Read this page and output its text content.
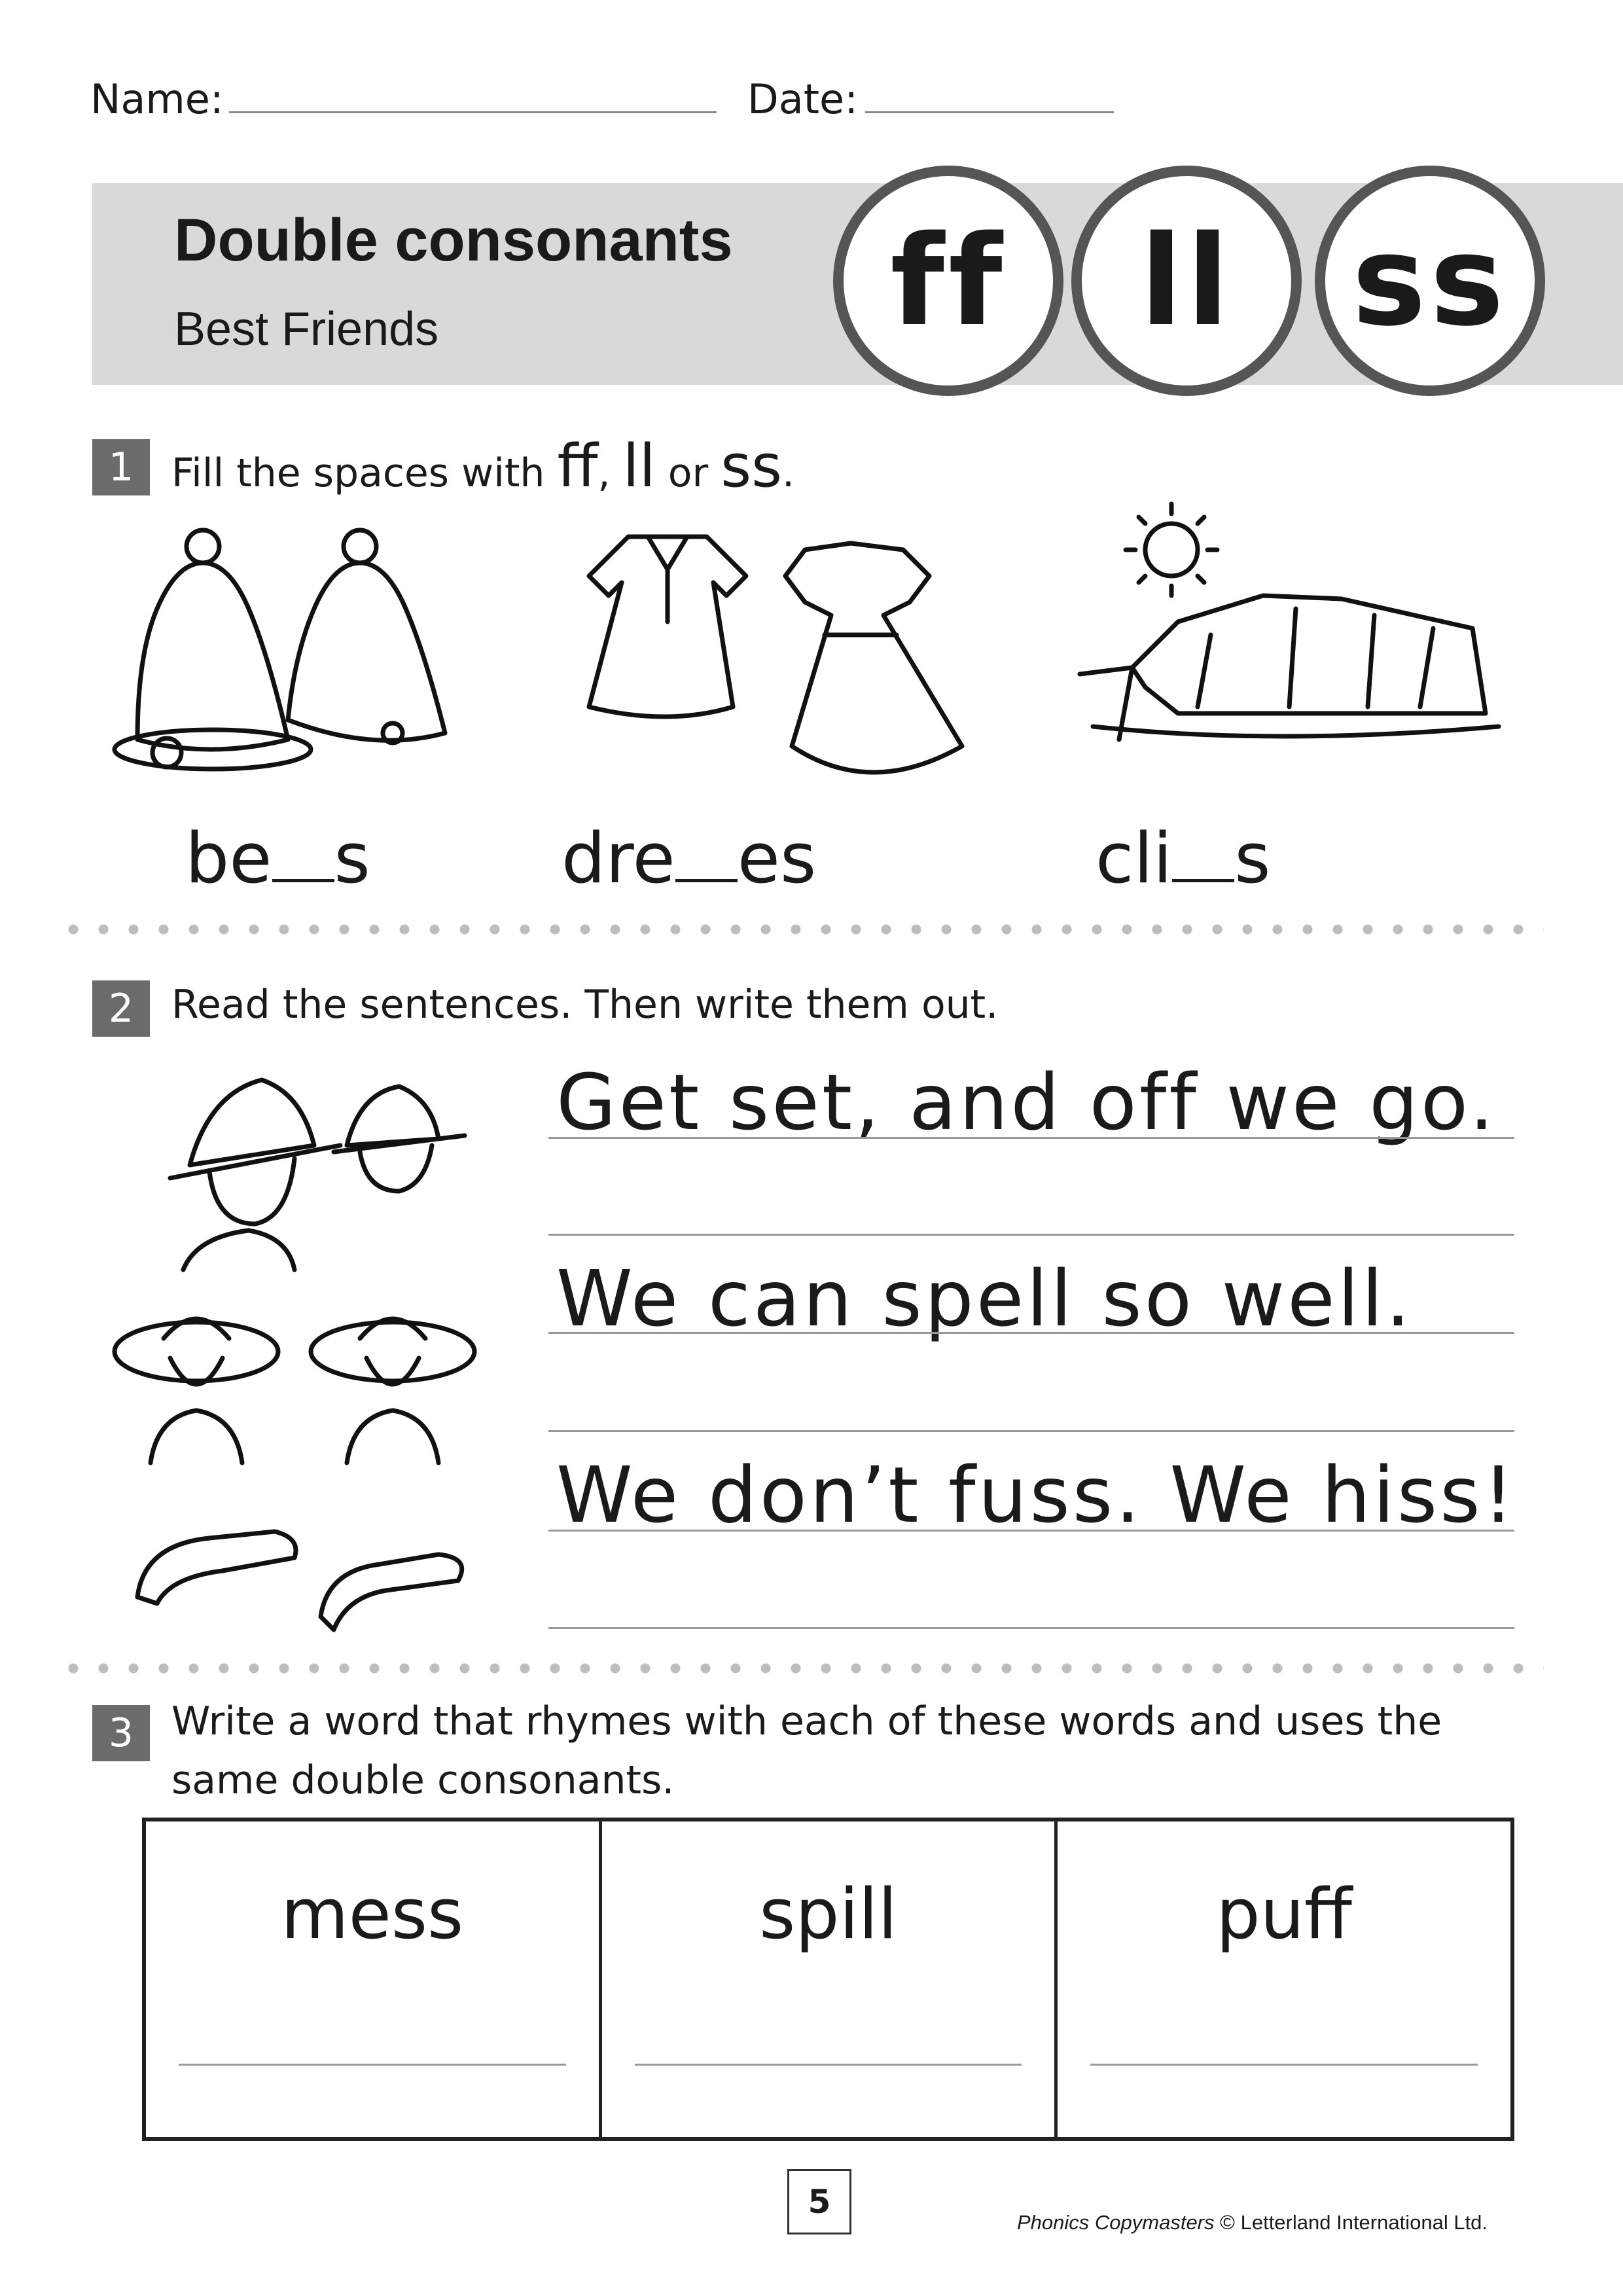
Name:	Date:
Double consonants
Best Friends	ff	ll ss
1 Fill the spaces with ff, ll or ss.
be s	dre es	cli s
2 Read the sentences. Then write them out.
Get set, and off we go.
We can spell so well.
We don’t fuss. We hiss!
3 Write a word that rhymes with each of these words and uses the
same double consonants.
mess	spill	puff
5
Phonics Copymasters © Letterland International Ltd.
